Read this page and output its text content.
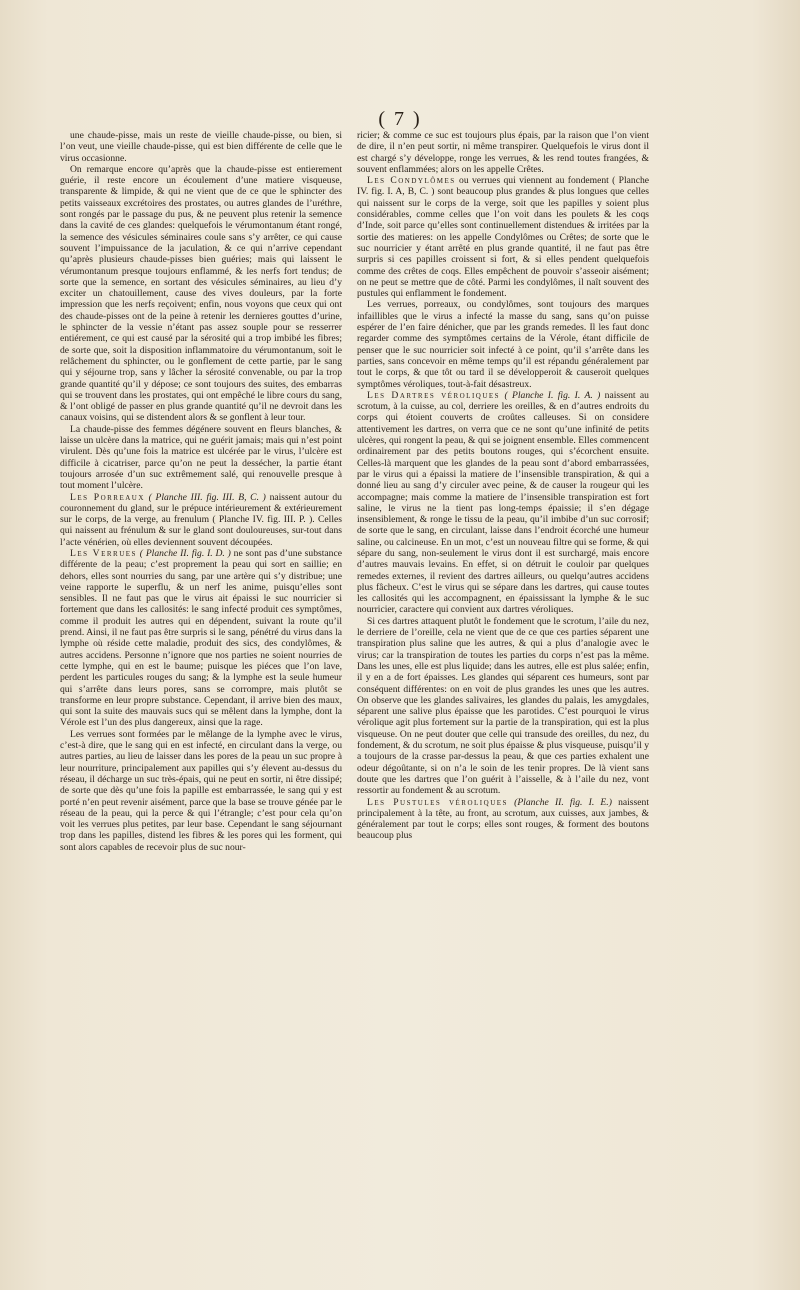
( 7 )

une chaude-pisse, mais un reste de vieille chaude-pisse, ou bien, si l’on veut, une vieille chaude-pisse, qui est bien différente de celle que le virus occasionne.

On remarque encore qu’après que la chaude-pisse est entierement guérie, il reste encore un écoulement d’une matiere visqueuse, transparente & limpide, & qui ne vient que de ce que le sphincter des petits vaisseaux excrétoires des prostates, ou autres glandes de l’uréthre, sont rongés par le passage du pus, & ne peuvent plus retenir la semence dans la cavité de ces glandes: quelquefois le vérumontanum étant rongé, la semence des vésicules séminaires coule sans s’y arrêter, ce qui cause souvent l’impuissance de la jaculation, & ce qui n’arrive cependant qu’après plusieurs chaude-pisses bien guéries; mais qui laissent le vérumontanum presque toujours enflammé, & les nerfs fort tendus; de sorte que la semence, en sortant des vésicules séminaires, au lieu d’y exciter un chatouillement, cause des vives douleurs, par la forte impression que les nerfs reçoivent; enfin, nous voyons que ceux qui ont des chaude-pisses ont de la peine à retenir les dernieres gouttes d’urine, le sphincter de la vessie n’étant pas assez souple pour se resserrer entiérement, ce qui est causé par la sérosité qui a trop imbibé les fibres; de sorte que, soit la disposition inflammatoire du vérumontanum, soit le relâchement du sphincter, ou le gonflement de cette partie, par le sang qui y séjourne trop, sans y lâcher la sérosité convenable, ou par la trop grande quantité qu’il y dépose; ce sont toujours des suites, des embarras qui se trouvent dans les prostates, qui ont empêché le libre cours du sang, & l’ont obligé de passer en plus grande quantité qu’il ne devroit dans les canaux voisins, qui se distendent alors & se gonflent à leur tour.

La chaude-pisse des femmes dégénere souvent en fleurs blanches, & laisse un ulcère dans la matrice, qui ne guérit jamais; mais qui n’est point virulent. Dès qu’une fois la matrice est ulcérée par le virus, l’ulcère est difficile à cicatriser, parce qu’on ne peut la dessécher, la partie étant toujours arrosée d’un suc extrêmement salé, qui renouvelle presque à tout moment l’ulcère.

Les Porreaux ( Planche III. fig. III. B, C. ) naissent autour du couronnement du gland, sur le prépuce intérieurement & extérieurement sur le corps, de la verge, au frenulum ( Planche IV. fig. III. P. ). Celles qui naissent au frénulum & sur le gland sont douloureuses, sur-tout dans l’acte vénérien, où elles deviennent souvent découpées.

Les Verrues ( Planche II. fig. I. D. ) ne sont pas d’une substance différente de la peau; c’est proprement la peau qui sort en saillie; en dehors, elles sont nourries du sang, par une artère qui s’y distribue; une veine rapporte le superflu, & un nerf les anime, puisqu’elles sont sensibles. Il ne faut pas que le virus ait épaissi le suc nourricier si fortement que dans les callosités: le sang infecté produit ces symptômes, comme il produit les autres qui en dépendent, suivant la route qu’il prend. Ainsi, il ne faut pas être surpris si le sang, pénétré du virus dans la lymphe où réside cette maladie, produit des sics, des condylômes, & autres accidens. Personne n’ignore que nos parties ne soient nourries de cette lymphe, qui en est le baume; puisque les piéces que l’on lave, perdent les particules rouges du sang; & la lymphe est la seule humeur qui s’arrête dans leurs pores, sans se corrompre, mais plutôt se transforme en leur propre substance. Cependant, il arrive bien des maux, qui sont la suite des mauvais sucs qui se mêlent dans la lymphe, dont la Vérole est l’un des plus dangereux, ainsi que la rage.

Les verrues sont formées par le mêlange de la lymphe avec le virus, c’est-à dire, que le sang qui en est infecté, en circulant dans la verge, ou autres parties, au lieu de laisser dans les pores de la peau un suc propre à leur nourriture, principalement aux papilles qui s’y élevent au-dessus du réseau, il décharge un suc très-épais, qui ne peut en sortir, ni être dissipé; de sorte que dès qu’une fois la papille est embarrassée, le sang qui y est porté n’en peut revenir aisément, parce que la base se trouve génée par le réseau de la peau, qui la perce & qui l’étrangle; c’est pour cela qu’on voit les verrues plus petites, par leur base. Cependant le sang séjournant trop dans les papilles, distend les fibres & les pores qui les forment, qui sont alors capables de recevoir plus de suc nour-

ricier; & comme ce suc est toujours plus épais, par la raison que l’on vient de dire, il n’en peut sortir, ni même transpirer. Quelquefois le virus dont il est chargé s’y développe, ronge les verrues, & les rend toutes frangées, & souvent enflammées; alors on les appelle Crêtes.

Les Condylômes ou verrues qui viennent au fondement ( Planche IV. fig. I. A, B, C. ) sont beaucoup plus grandes & plus longues que celles qui naissent sur le corps de la verge, soit que les papilles y soient plus considérables, comme celles que l’on voit dans les poulets & les coqs d’Inde, soit parce qu’elles sont continuellement distendues & irritées par la sortie des matieres: on les appelle Condylômes ou Crêtes; de sorte que le suc nourricier y étant arrêté en plus grande quantité, il ne faut pas être surpris si ces papilles croissent si fort, & si elles pendent quelquefois comme des crêtes de coqs. Elles empêchent de pouvoir s’asseoir aisément; on ne peut se mettre que de côté. Parmi les condylômes, il naît souvent des pustules qui enflamment le fondement.

Les verrues, porreaux, ou condylômes, sont toujours des marques infaillibles que le virus a infecté la masse du sang, sans qu’on puisse espérer de l’en faire dénicher, que par les grands remedes. Il les faut donc regarder comme des symptômes certains de la Vérole, étant difficile de penser que le suc nourricier soit infecté à ce point, qu’il s’arrête dans les parties, sans concevoir en même temps qu’il est répandu généralement par tout le corps, & que tôt ou tard il se développeroit & causeroit quelques symptômes véroliques, tout-à-fait désastreux.

Les Dartres véroliques ( Planche I. fig. I. A. ) naissent au scrotum, à la cuisse, au col, derriere les oreilles, & en d’autres endroits du corps qui étoient couverts de croûtes calleuses. Si on considere attentivement les dartres, on verra que ce ne sont qu’une infinité de petits ulcères, qui rongent la peau, & qui se joignent ensemble. Elles commencent ordinairement par des petits boutons rouges, qui s’écorchent ensuite. Celles-là marquent que les glandes de la peau sont d’abord embarrassées, par le virus qui a épaissi la matiere de l’insensible transpiration, & qui a donné lieu au sang d’y circuler avec peine, & de causer la rougeur qui les accompagne; mais comme la matiere de l’insensible transpiration est fort saline, le virus ne la tient pas long-temps épaissie; il s’en dégage insensiblement, & ronge le tissu de la peau, qu’il imbibe d’un suc corrosif; de sorte que le sang, en circulant, laisse dans l’endroit écorché une humeur saline, ou calcineuse. En un mot, c’est un nouveau filtre qui se forme, & qui sépare du sang, non-seulement le virus dont il est surchargé, mais encore d’autres mauvais levains. En effet, si on détruit le couloir par quelques remedes externes, il revient des dartres ailleurs, ou quelqu’autres accidens plus fâcheux. C’est le virus qui se sépare dans les dartres, qui cause toutes les callosités qui les accompagnent, en épaississant la lymphe & le suc nourricier, caractere qui convient aux dartres véroliques.

Si ces dartres attaquent plutôt le fondement que le scrotum, l’aile du nez, le derriere de l’oreille, cela ne vient que de ce que ces parties séparent une transpiration plus saline que les autres, & qui a plus d’analogie avec le virus; car la transpiration de toutes les parties du corps n’est pas la même. Dans les unes, elle est plus liquide; dans les autres, elle est plus salée; enfin, il y en a de fort épaisses. Les glandes qui séparent ces humeurs, sont par conséquent différentes: on en voit de plus grandes les unes que les autres. On observe que les glandes salivaires, les glandes du palais, les amygdales, séparent une salive plus épaisse que les parotides. C’est pourquoi le virus vérolique agit plus fortement sur la partie de la transpiration, qui est la plus visqueuse. On ne peut douter que celle qui transude des oreilles, du nez, du fondement, & du scrotum, ne soit plus épaisse & plus visqueuse, puisqu’il y a toujours de la crasse par-dessus la peau, & que ces parties exhalent une odeur dégoûtante, si on n’a le soin de les tenir propres. De là vient sans doute que les dartres que l’on guérit à l’aisselle, & à l’aile du nez, vont ressortir au fondement & au scrotum.

Les Pustules véroliques (Planche II. fig. I. E.) naissent principalement à la tête, au front, au scrotum, aux cuisses, aux jambes, & généralement par tout le corps; elles sont rouges, & forment des boutons beaucoup plus
